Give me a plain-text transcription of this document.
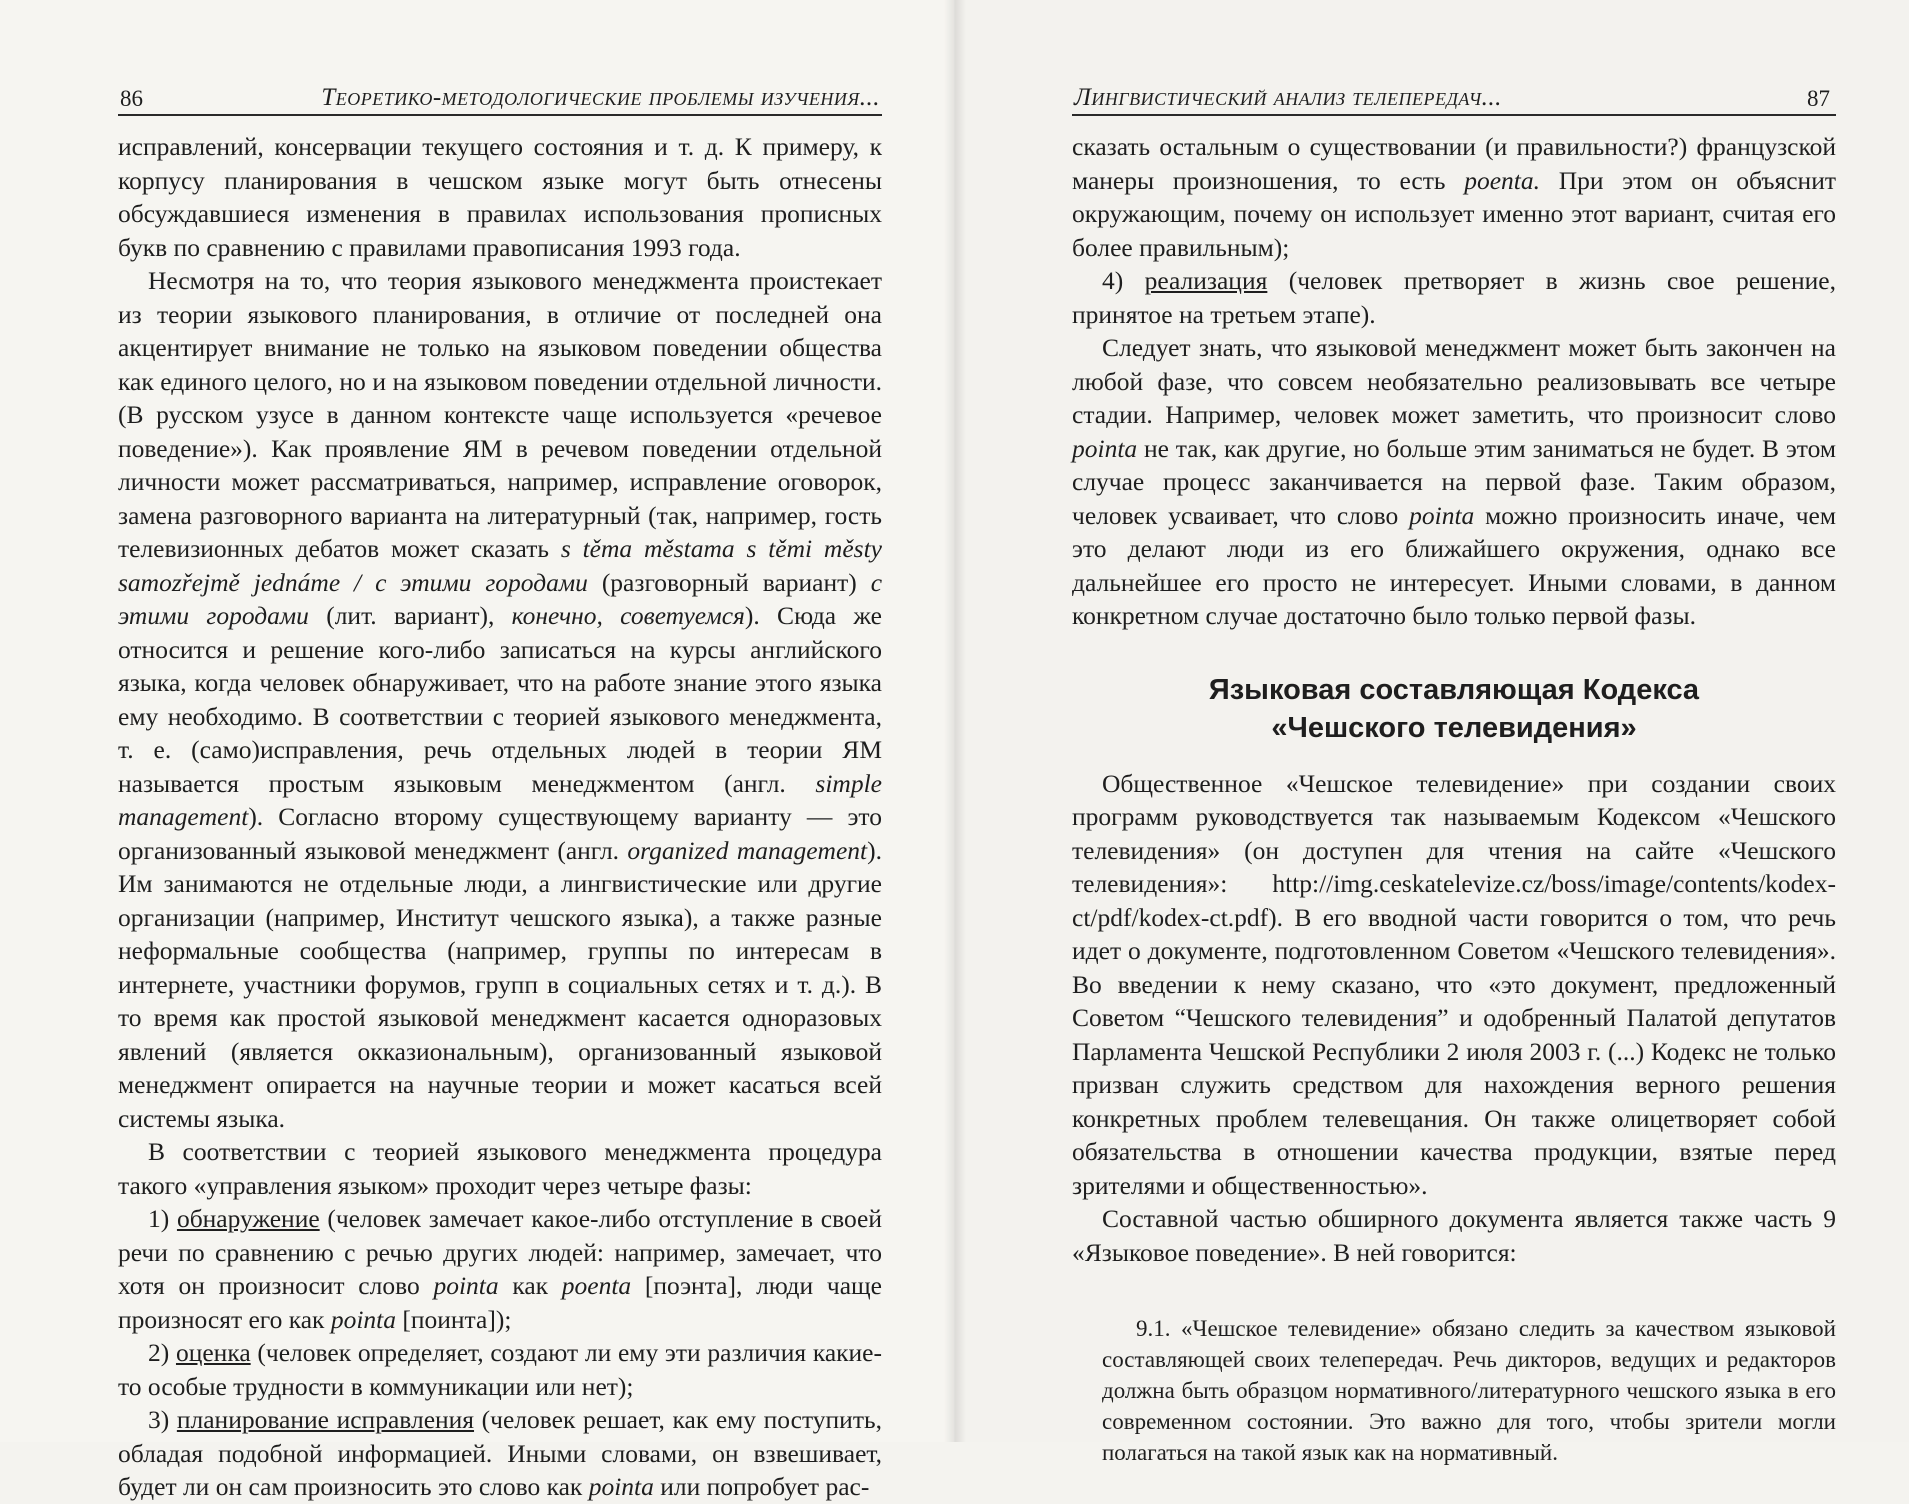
86	Теоретико-методологические проблемы изучения...	Лингвистический анализ телепередач...	87

исправлений, консервации текущего состояния и т. д. К примеру, к корпусу планирования в чешском языке могут быть отнесены обсуждавшиеся изменения в правилах использования прописных букв по сравнению с правилами правописания 1993 года.

Несмотря на то, что теория языкового менеджмента проистекает из теории языкового планирования, в отличие от последней она акцентирует внимание не только на языковом поведении общества как единого целого, но и на языковом поведении отдельной личности. (В русском узусе в данном контексте чаще используется «речевое поведение»). Как проявление ЯМ в речевом поведении отдельной личности может рассматриваться, например, исправление оговорок, замена разговорного варианта на литературный (так, например, гость телевизионных дебатов может сказать s těma městama s těmi městy samozřejmě jednáme / с этими городами (разговорный вариант) с этими городами (лит. вариант), конечно, советуемся). Сюда же относится и решение кого-либо записаться на курсы английского языка, когда человек обнаруживает, что на работе знание этого языка ему необходимо. В соответствии с теорией языкового менеджмента, т. е. (само)исправления, речь отдельных людей в теории ЯМ называется простым языковым менеджментом (англ. simple management). Согласно второму существующему варианту — это организованный языковой менеджмент (англ. organized management). Им занимаются не отдельные люди, а лингвистические или другие организации (например, Институт чешского языка), а также разные неформальные сообщества (например, группы по интересам в интернете, участники форумов, групп в социальных сетях и т. д.). В то время как простой языковой менеджмент касается одноразовых явлений (является окказиональным), организованный языковой менеджмент опирается на научные теории и может касаться всей системы языка.

В соответствии с теорией языкового менеджмента процедура такого «управления языком» проходит через четыре фазы:

1) обнаружение (человек замечает какое-либо отступление в своей речи по сравнению с речью других людей: например, замечает, что хотя он произносит слово pointa как poenta [поэнта], люди чаще произносят его как pointa [поинта]);

2) оценка (человек определяет, создают ли ему эти различия какие-то особые трудности в коммуникации или нет);

3) планирование исправления (человек решает, как ему поступить, обладая подобной информацией. Иными словами, он взвешивает, будет ли он сам произносить это слово как pointa или попробует рас-

сказать остальным о существовании (и правильности?) французской манеры произношения, то есть poenta. При этом он объяснит окружающим, почему он использует именно этот вариант, считая его более правильным);

4) реализация (человек претворяет в жизнь свое решение, принятое на третьем этапе).

Следует знать, что языковой менеджмент может быть закончен на любой фазе, что совсем необязательно реализовывать все четыре стадии. Например, человек может заметить, что произносит слово pointa не так, как другие, но больше этим заниматься не будет. В этом случае процесс заканчивается на первой фазе. Таким образом, человек усваивает, что слово pointa можно произносить иначе, чем это делают люди из его ближайшего окружения, однако все дальнейшее его просто не интересует. Иными словами, в данном конкретном случае достаточно было только первой фазы.

Языковая составляющая Кодекса
«Чешского телевидения»

Общественное «Чешское телевидение» при создании своих программ руководствуется так называемым Кодексом «Чешского телевидения» (он доступен для чтения на сайте «Чешского телевидения»: http://img.ceskatelevize.cz/boss/image/contents/kodex-ct/pdf/kodex-ct.pdf). В его вводной части говорится о том, что речь идет о документе, подготовленном Советом «Чешского телевидения». Во введении к нему сказано, что «это документ, предложенный Советом “Чешского телевидения” и одобренный Палатой депутатов Парламента Чешской Республики 2 июля 2003 г. (...) Кодекс не только призван служить средством для нахождения верного решения конкретных проблем телевещания. Он также олицетворяет собой обязательства в отношении качества продукции, взятые перед зрителями и общественностью».

Составной частью обширного документа является также часть 9 «Языковое поведение». В ней говорится:

9.1. «Чешское телевидение» обязано следить за качеством языковой составляющей своих телепередач. Речь дикторов, ведущих и редакторов должна быть образцом нормативного/литературного чешского языка в его современном состоянии. Это важно для того, чтобы зрители могли полагаться на такой язык как на нормативный.
